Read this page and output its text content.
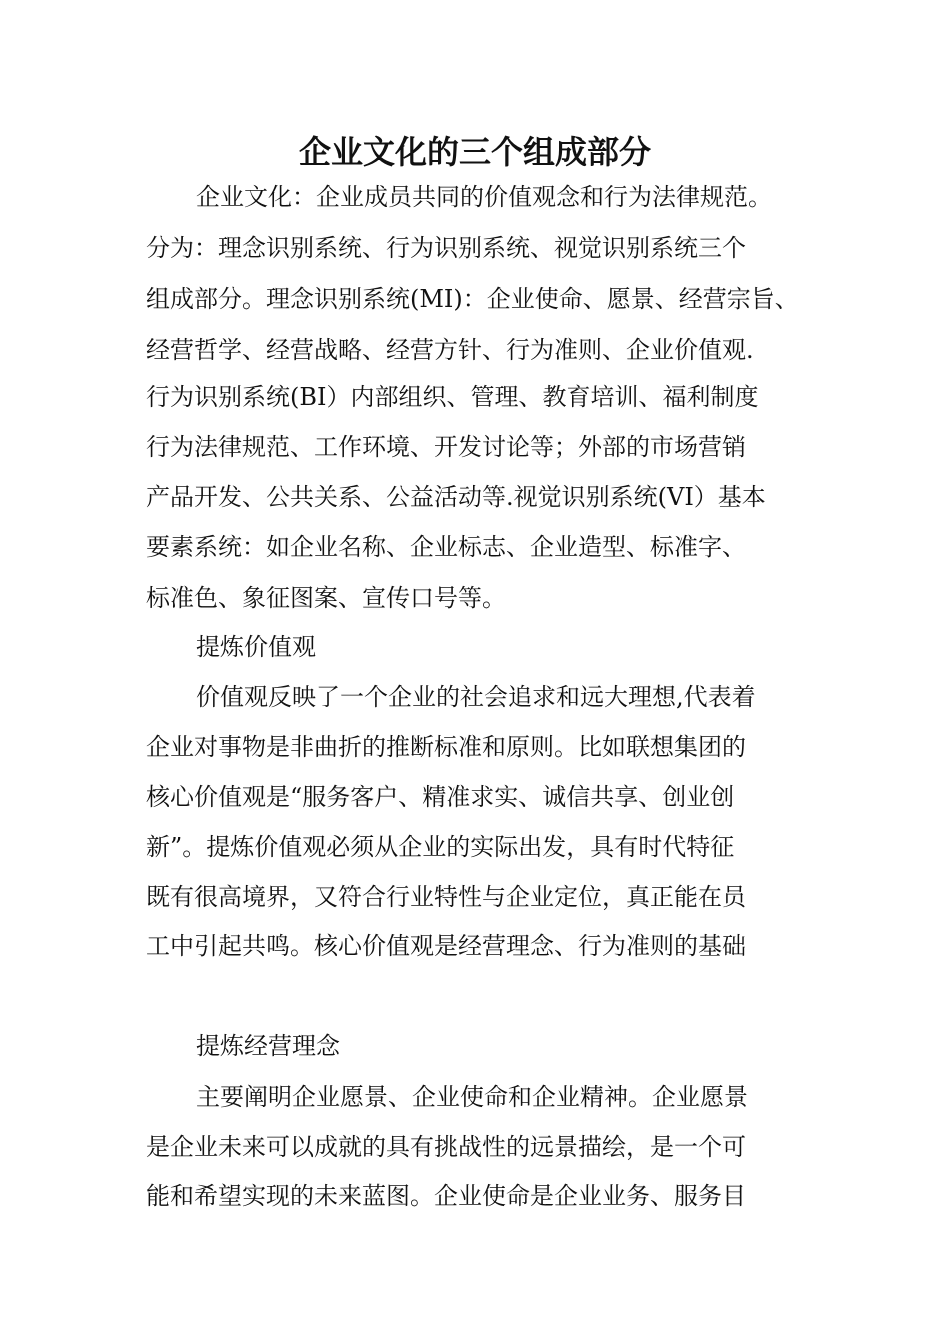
企业文化的三个组成部分

企业文化：企业成员共同的价值观念和行为法律规范。

分为：理念识别系统、行为识别系统、视觉识别系统三个

组成部分。理念识别系统(MI)：企业使命、愿景、经营宗旨、

经营哲学、经营战略、经营方针、行为准则、企业价值观.

行为识别系统(BI）内部组织、管理、教育培训、福利制度

行为法律规范、工作环境、开发讨论等；外部的市场营销

产品开发、公共关系、公益活动等.视觉识别系统(VI）基本

要素系统：如企业名称、企业标志、企业造型、标准字、

标准色、象征图案、宣传口号等。

提炼价值观

价值观反映了一个企业的社会追求和远大理想,代表着

企业对事物是非曲折的推断标准和原则。比如联想集团的

核心价值观是“服务客户、精准求实、诚信共享、创业创

新”。提炼价值观必须从企业的实际出发，具有时代特征

既有很高境界，又符合行业特性与企业定位，真正能在员

工中引起共鸣。核心价值观是经营理念、行为准则的基础

提炼经营理念

主要阐明企业愿景、企业使命和企业精神。企业愿景

是企业未来可以成就的具有挑战性的远景描绘，是一个可

能和希望实现的未来蓝图。企业使命是企业业务、服务目
